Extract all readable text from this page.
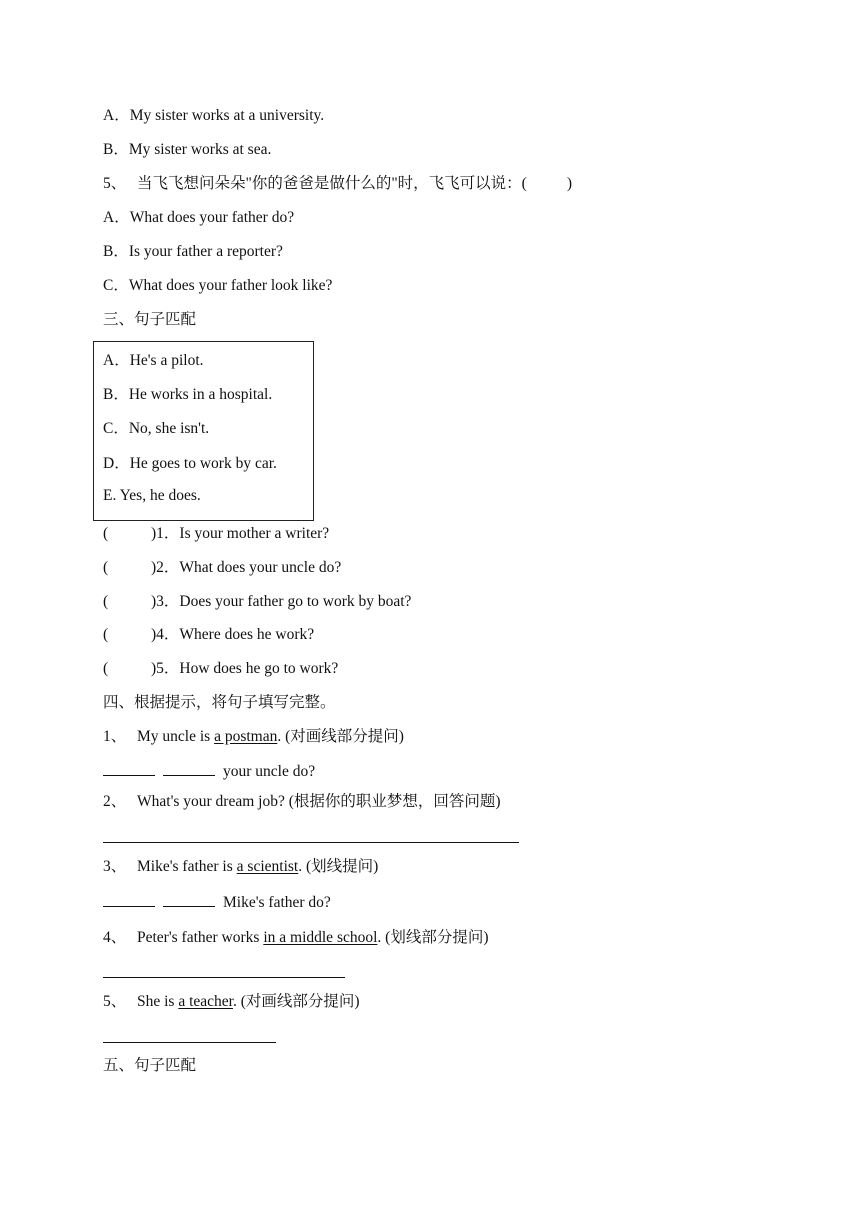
A．My sister works at a university.
B．My sister works at sea.
5、 当飞飞想问朵朵"你的爸爸是做什么的"时，飞飞可以说：(	)
A．What does your father do?
B．Is your father a reporter?
C．What does your father look like?
三、句子匹配
A．He's a pilot.
B．He works in a hospital.
C．No, she isn't.
D．He goes to work by car.
E. Yes, he does.
(	)1．Is your mother a writer?
(	)2．What does your uncle do?
(	)3．Does your father go to work by boat?
(	)4．Where does he work?
(	)5．How does he go to work?
四、根据提示，将句子填写完整。
1、 My uncle is a postman. (对画线部分提问)
your uncle do?
2、 What's your dream job? (根据你的职业梦想，回答问题)
3、 Mike's father is a scientist. (划线提问)
Mike's father do?
4、 Peter's father works in a middle school. (划线部分提问)
5、 She is a teacher. (对画线部分提问)
五、句子匹配
